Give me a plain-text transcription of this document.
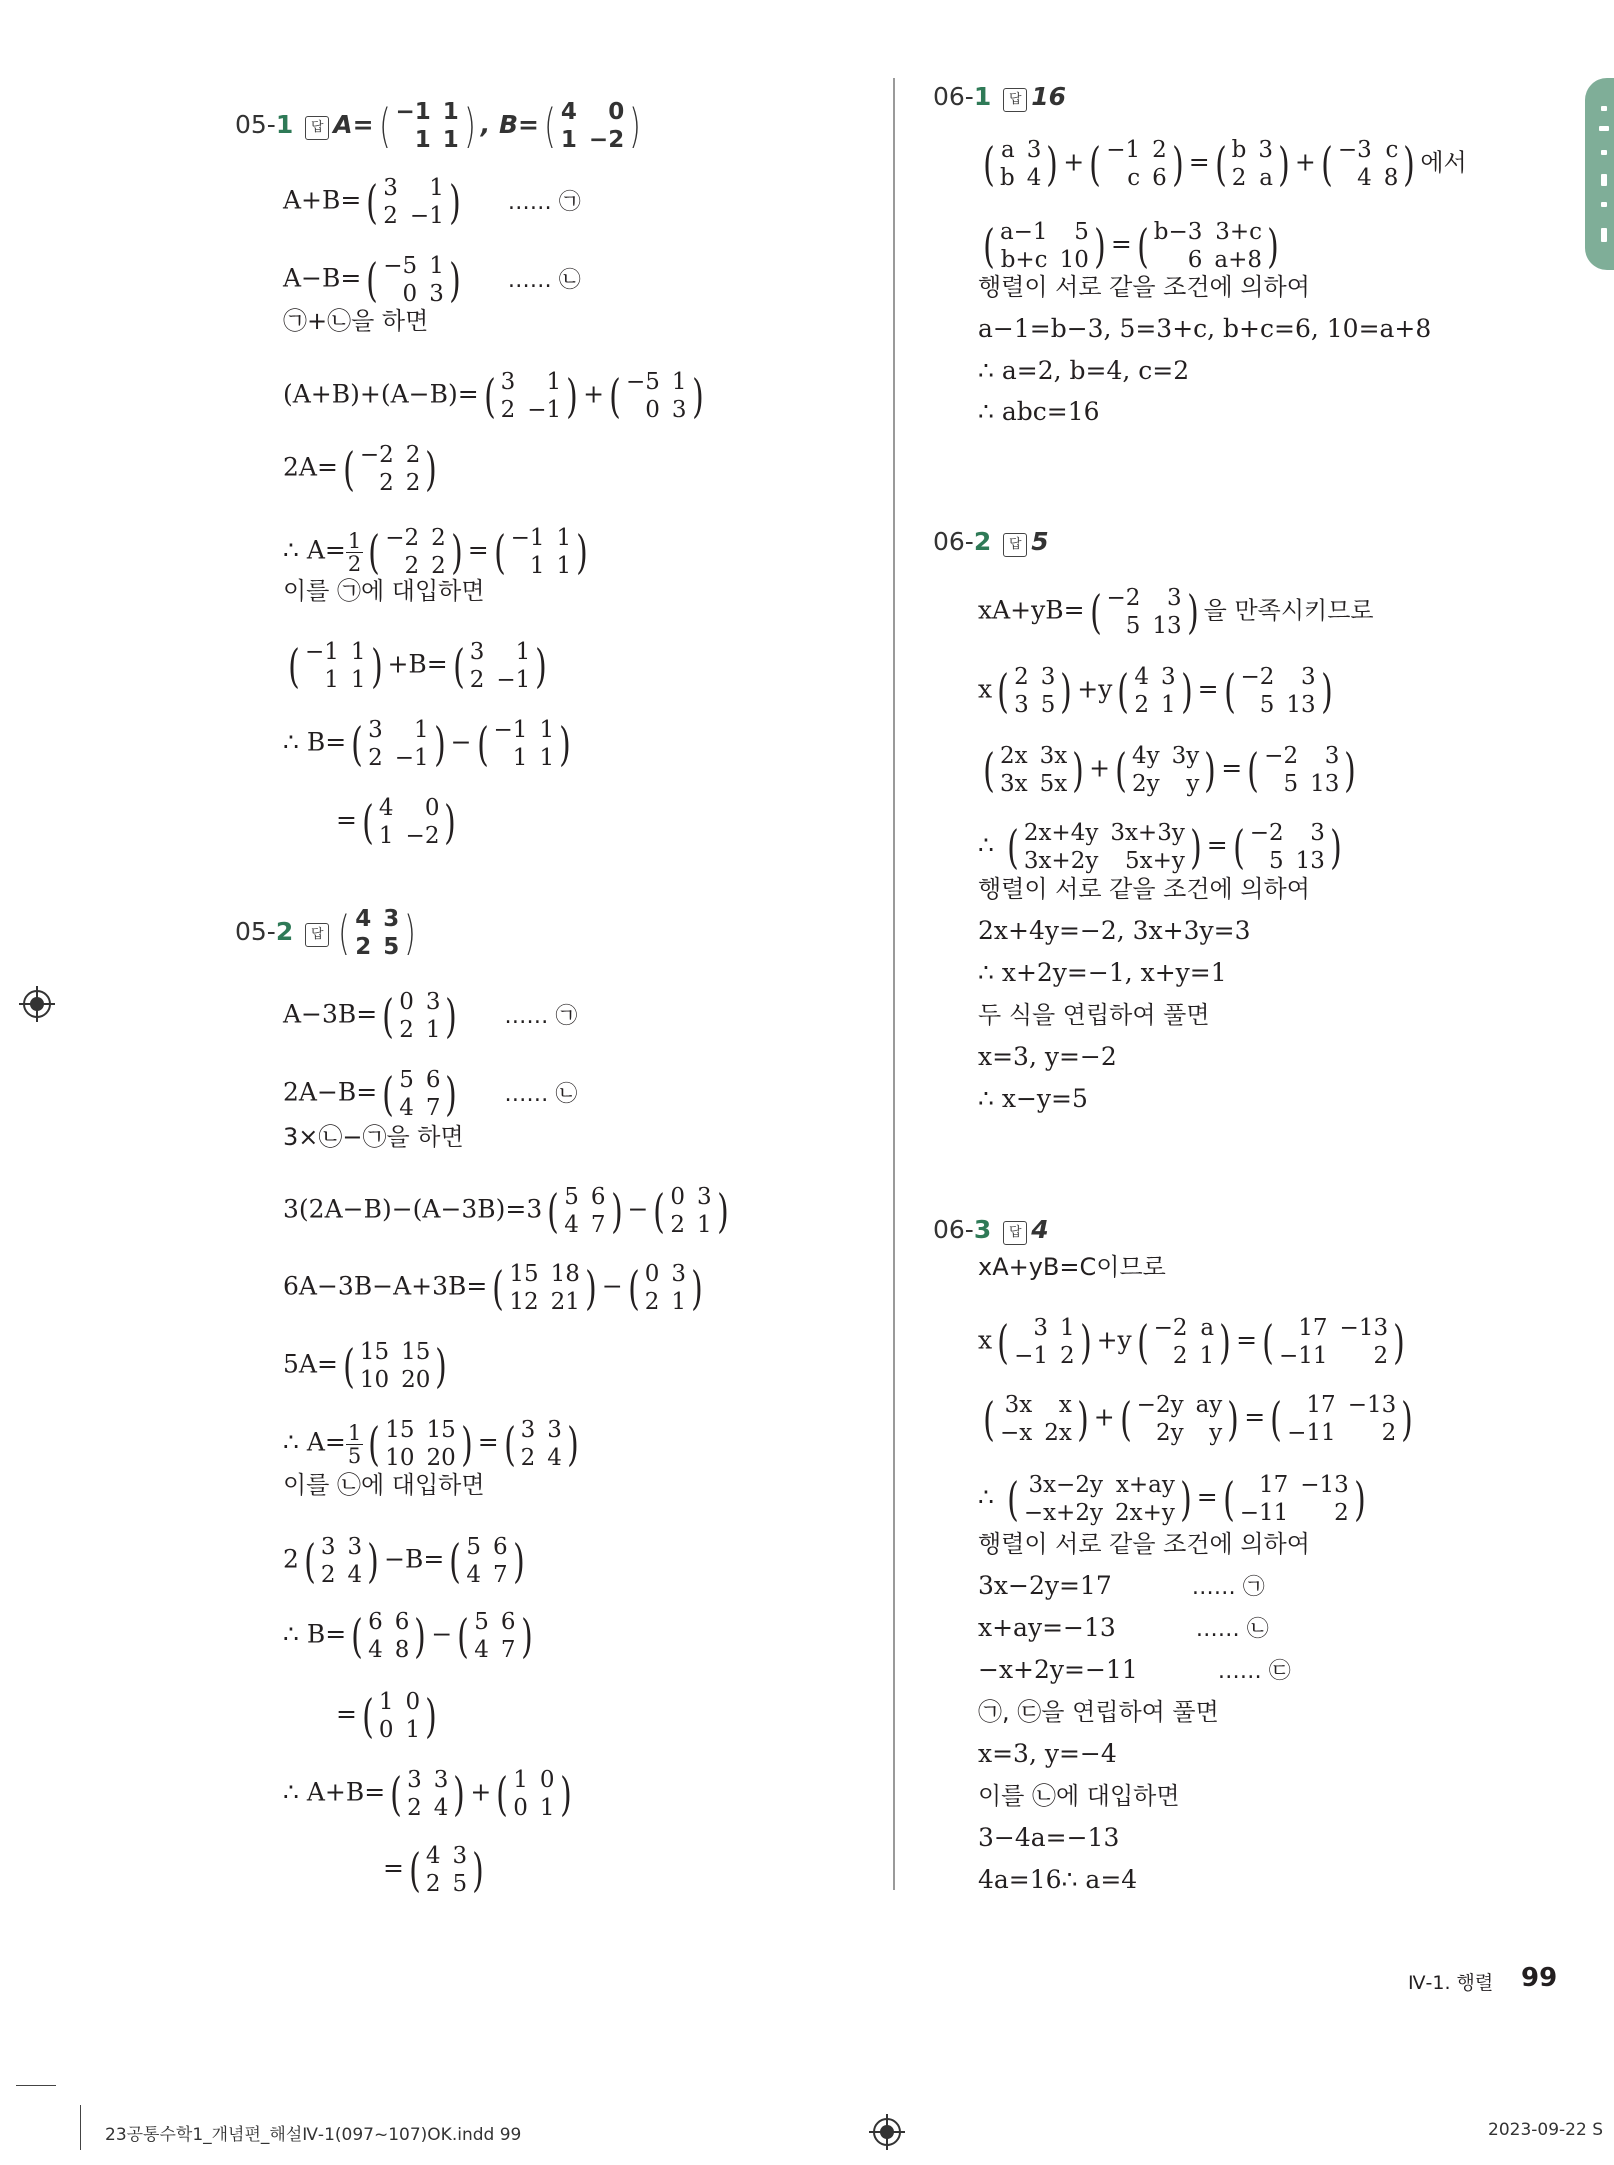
05-1 답 A= ( −1	1
1	1 ) , B= ( 4	0
1	−2 )
05-2 답 ( 4	3
2	5 )
06-1 답 16
06-2 답 5
06-3 답 4
A+B= ( 3	1
2	−1 ) …… ㉠
A−B= ( −5	1
0	3 ) …… ㉡
㉠+㉡을 하면
(A+B)+(A−B)= ( 3	1
2	−1 ) + ( −5	1
0	3 )
2A= ( −2	2
2	2 )
∴ $A= \frac{1}{2}$ ( −2	2
2	2 ) = ( −1	1
1	1 )
이를 ㉠에 대입하면
( −1	1
1	1 ) +B= ( 3	1
2	−1 )
∴ B= ( 3	1
2	−1 ) − ( −1	1
1	1 )
= ( 4	0
1	−2 )
A−3B= ( 0	3
2	1 ) …… ㉠
2A−B= ( 5	6
4	7 ) …… ㉡
3×㉡−㉠을 하면
3(2A−B)−(A−3B)=3 ( 5	6
4	7 ) − ( 0	3
2	1 )
6A−3B−A+3B= ( 15	18
12	21 ) − ( 0	3
2	1 )
5A= ( 15	15
10	20 )
∴ $A= \frac{1}{5}$ ( 15	15
10	20 ) = ( 3	3
2	4 )
이를 ㉡에 대입하면
2 ( 3	3
2	4 ) −B= ( 5	6
4	7 )
∴ B= ( 6	6
4	8 ) − ( 5	6
4	7 )
= ( 1	0
0	1 )
∴ A+B= ( 3	3
2	4 ) + ( 1	0
0	1 )
= ( 4	3
2	5 )
( a	3
b	4 ) + ( −1	2
c	6 ) = ( b	3
2	a ) + ( −3	c
4	8 ) 에서
( a−1	5
b+c	10 ) = ( b−3	3+c
6	a+8 )
행렬이 서로 같을 조건에 의하여
a−1=b−3, 5=3+c, b+c=6, 10=a+8
∴ a=2, b=4, c=2
∴ abc=16
xA+yB= ( −2	3
5	13 ) 을 만족시키므로
x ( 2	3
3	5 ) +y ( 4	3
2	1 ) = ( −2	3
5	13 )
( 2x	3x
3x	5x ) + ( 4y	3y
2y	y ) = ( −2	3
5	13 )
∴ ( 2x+4y	3x+3y
3x+2y	5x+y ) = ( −2	3
5	13 )
행렬이 서로 같을 조건에 의하여
2x+4y=−2, 3x+3y=3
∴ x+2y=−1, x+y=1
두 식을 연립하여 풀면
x=3, y=−2
∴ x−y=5
xA+yB=C이므로
x ( 3	1
−1	2 ) +y ( −2	a
2	1 ) = ( 17	−13
−11	2 )
( 3x	x
−x	2x ) + ( −2y	ay
2y	y ) = ( 17	−13
−11	2 )
∴ ( 3x−2y	x+ay
−x+2y	2x+y ) = ( 17	−13
−11	2 )
행렬이 서로 같을 조건에 의하여
3x−2y=17	…… ㉠
x+ay=−13	…… ㉡
−x+2y=−11	…… ㉢
㉠, ㉢을 연립하여 풀면
x=3, y=−4
이를 ㉡에 대입하면
3−4a=−13
4a=16∴ a=4
Ⅳ-1. 행렬 99
23공통수학1_개념편_해설Ⅳ-1(097~107)OK.indd 99	2023-09-22 S
